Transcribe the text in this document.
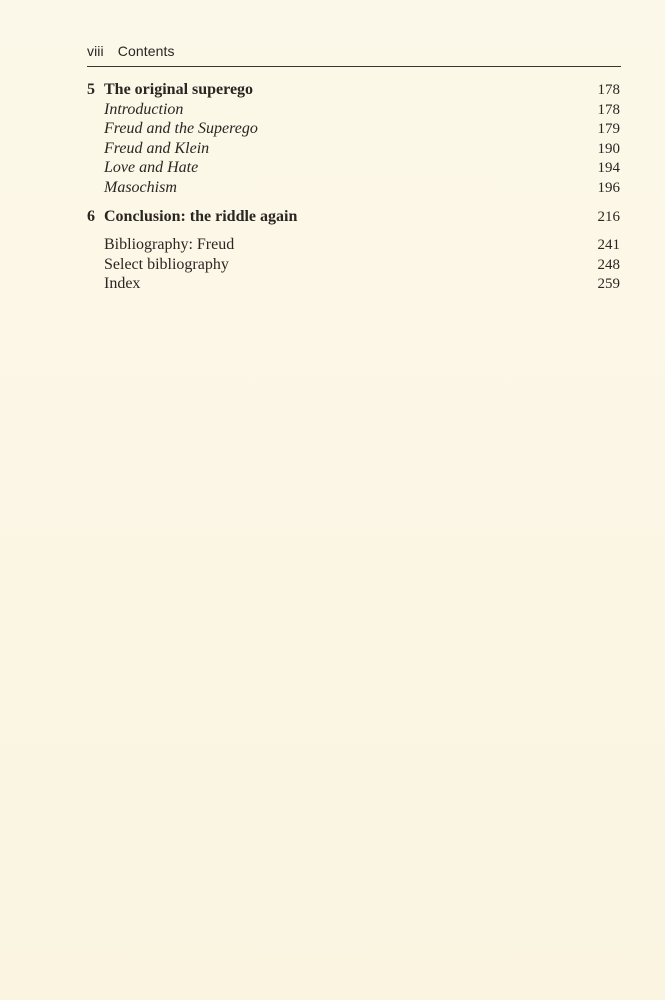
viii Contents
5 The original superego	178
Introduction	178
Freud and the Superego	179
Freud and Klein	190
Love and Hate	194
Masochism	196
6 Conclusion: the riddle again	216
Bibliography: Freud	241
Select bibliography	248
Index	259
